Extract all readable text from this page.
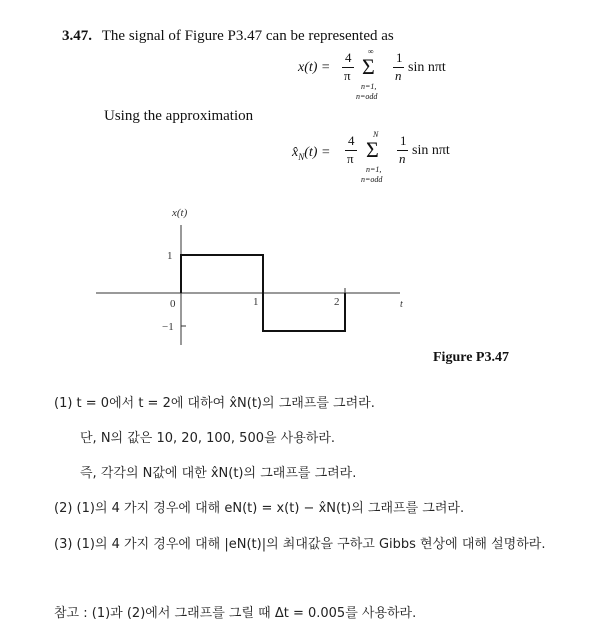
3.47. The signal of Figure P3.47 can be represented as
x(t) =
4
π
∞
Σ
n=1,
n=odd
1
n
sin nπt
Using the approximation
$x̂_N(t)$ =
4
π
N
Σ
n=1,
n=odd
1
n
sin nπt
x(t)
t
1
−1
0	1	2
Figure P3.47
(1) t = 0에서 t = 2에 대하여 x̂N(t)의 그래프를 그려라.
단, N의 값은 10, 20, 100, 500을 사용하라.
즉, 각각의 N값에 대한 x̂N(t)의 그래프를 그려라.
(2) (1)의 4 가지 경우에 대해 eN(t) = x(t) − x̂N(t)의 그래프를 그려라.
(3) (1)의 4 가지 경우에 대해 |eN(t)|의 최대값을 구하고 Gibbs 현상에 대해 설명하라.
참고 : (1)과 (2)에서 그래프를 그릴 때 Δt = 0.005를 사용하라.
